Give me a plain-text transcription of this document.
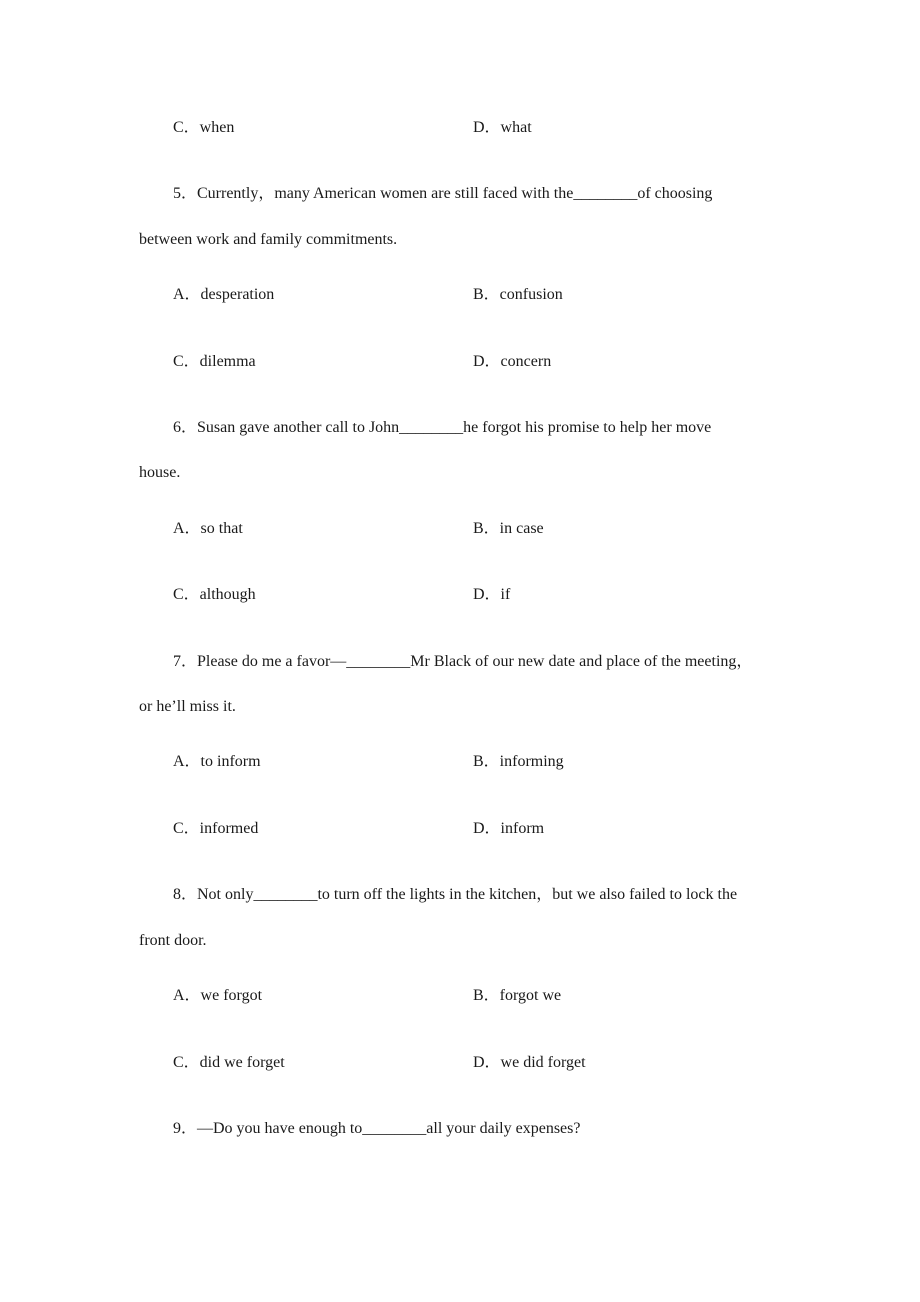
C．when	D．what
5．Currently，many American women are still faced with the________of choosing
between work and family commitments.
A．desperation	B．confusion
C．dilemma	D．concern
6．Susan gave another call to John________he forgot his promise to help her move
house.
A．so that	B．in case
C．although	D．if
7．Please do me a favor—________Mr Black of our new date and place of the meeting，
or he’ll miss it.
A．to inform	B．informing
C．informed	D．inform
8．Not only________to turn off the lights in the kitchen，but we also failed to lock the
front door.
A．we forgot	B．forgot we
C．did we forget	D．we did forget
9．—Do you have enough to________all your daily expenses?
